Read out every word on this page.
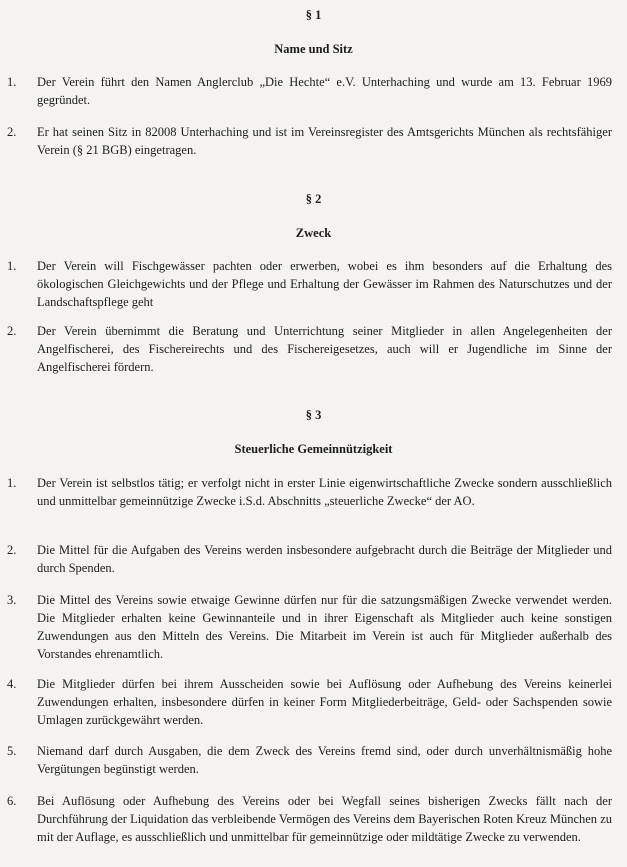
§ 1
Name und Sitz
1. Der Verein führt den Namen Anglerclub „Die Hechte“ e.V. Unterhaching und wurde am 13. Februar 1969 gegründet.

2. Er hat seinen Sitz in 82008 Unterhaching und ist im Vereinsregister des Amtsgerichts München als rechtsfähiger Verein (§ 21 BGB) eingetragen.

§ 2
Zweck
1. Der Verein will Fischgewässer pachten oder erwerben, wobei es ihm besonders auf die Erhaltung des ökologischen Gleichgewichts und der Pflege und Erhaltung der Gewässer im Rahmen des Naturschutzes und der Landschaftspflege geht

2. Der Verein übernimmt die Beratung und Unterrichtung seiner Mitglieder in allen Angelegenheiten der Angelfischerei, des Fischereirechts und des Fischereigesetzes, auch will er Jugendliche im Sinne der Angelfischerei fördern.

§ 3
Steuerliche Gemeinnützigkeit
1. Der Verein ist selbstlos tätig; er verfolgt nicht in erster Linie eigenwirtschaftliche Zwecke sondern ausschließlich und unmittelbar gemeinnützige Zwecke i.S.d. Abschnitts „steuerliche Zwecke“ der AO.

2. Die Mittel für die Aufgaben des Vereins werden insbesondere aufgebracht durch die Beiträge der Mitglieder und durch Spenden.

3. Die Mittel des Vereins sowie etwaige Gewinne dürfen nur für die satzungsmäßigen Zwecke verwendet werden. Die Mitglieder erhalten keine Gewinnanteile und in ihrer Eigenschaft als Mitglieder auch keine sonstigen Zuwendungen aus den Mitteln des Vereins. Die Mitarbeit im Verein ist auch für Mitglieder außerhalb des Vorstandes ehrenamtlich.

4. Die Mitglieder dürfen bei ihrem Ausscheiden sowie bei Auflösung oder Aufhebung des Vereins keinerlei Zuwendungen erhalten, insbesondere dürfen in keiner Form Mitgliederbeiträge, Geld- oder Sachspenden sowie Umlagen zurückgewährt werden.

5. Niemand darf durch Ausgaben, die dem Zweck des Vereins fremd sind, oder durch unverhältnismäßig hohe Vergütungen begünstigt werden.

6. Bei Auflösung oder Aufhebung des Vereins oder bei Wegfall seines bisherigen Zwecks fällt nach der Durchführung der Liquidation das verbleibende Vermögen des Vereins dem Bayerischen Roten Kreuz München zu mit der Auflage, es ausschließlich und unmittelbar für gemeinnützige oder mildtätige Zwecke zu verwenden.
